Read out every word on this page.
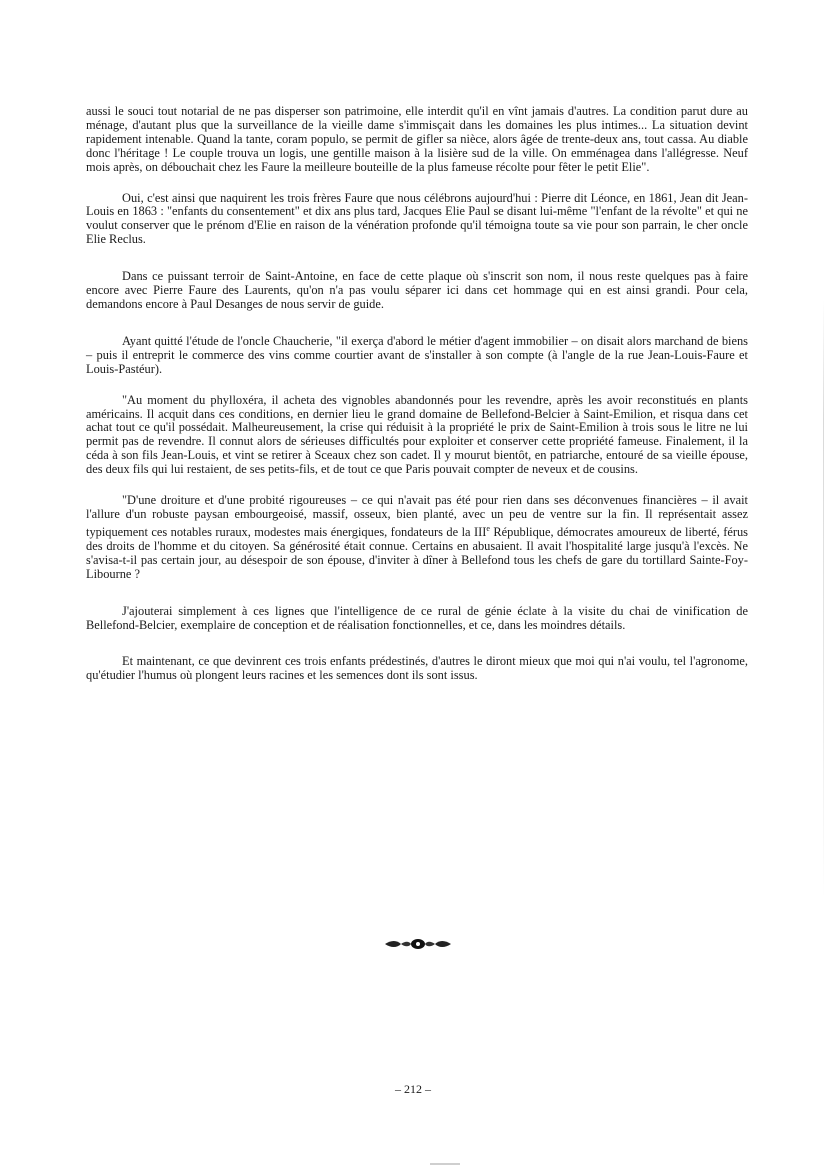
aussi le souci tout notarial de ne pas disperser son patrimoine, elle interdit qu'il en vînt jamais d'autres. La condition parut dure au ménage, d'autant plus que la surveillance de la vieille dame s'immisçait dans les domaines les plus intimes... La situation devint rapidement intenable. Quand la tante, coram populo, se permit de gifler sa nièce, alors âgée de trente-deux ans, tout cassa. Au diable donc l'héritage ! Le couple trouva un logis, une gentille maison à la lisière sud de la ville. On emménagea dans l'allégresse. Neuf mois après, on débouchait chez les Faure la meilleure bouteille de la plus fameuse récolte pour fêter le petit Elie".

Oui, c'est ainsi que naquirent les trois frères Faure que nous célébrons aujourd'hui : Pierre dit Léonce, en 1861, Jean dit Jean-Louis en 1863 : "enfants du consentement" et dix ans plus tard, Jacques Elie Paul se disant lui-même "l'enfant de la révolte" et qui ne voulut conserver que le prénom d'Elie en raison de la vénération profonde qu'il témoigna toute sa vie pour son parrain, le cher oncle Elie Reclus.

Dans ce puissant terroir de Saint-Antoine, en face de cette plaque où s'inscrit son nom, il nous reste quelques pas à faire encore avec Pierre Faure des Laurents, qu'on n'a pas voulu séparer ici dans cet hommage qui en est ainsi grandi. Pour cela, demandons encore à Paul Desanges de nous servir de guide.

Ayant quitté l'étude de l'oncle Chaucherie, "il exerça d'abord le métier d'agent immobilier – on disait alors marchand de biens – puis il entreprit le commerce des vins comme courtier avant de s'installer à son compte (à l'angle de la rue Jean-Louis-Faure et Louis-Pastéur).

"Au moment du phylloxéra, il acheta des vignobles abandonnés pour les revendre, après les avoir reconstitués en plants américains. Il acquit dans ces conditions, en dernier lieu le grand domaine de Bellefond-Belcier à Saint-Emilion, et risqua dans cet achat tout ce qu'il possédait. Malheureusement, la crise qui réduisit à la propriété le prix de Saint-Emilion à trois sous le litre ne lui permit pas de revendre. Il connut alors de sérieuses difficultés pour exploiter et conserver cette propriété fameuse. Finalement, il la céda à son fils Jean-Louis, et vint se retirer à Sceaux chez son cadet. Il y mourut bientôt, en patriarche, entouré de sa vieille épouse, des deux fils qui lui restaient, de ses petits-fils, et de tout ce que Paris pouvait compter de neveux et de cousins.

"D'une droiture et d'une probité rigoureuses – ce qui n'avait pas été pour rien dans ses déconvenues financières – il avait l'allure d'un robuste paysan embourgeoisé, massif, osseux, bien planté, avec un peu de ventre sur la fin. Il représentait assez typiquement ces notables ruraux, modestes mais énergiques, fondateurs de la IIIe République, démocrates amoureux de liberté, férus des droits de l'homme et du citoyen. Sa générosité était connue. Certains en abusaient. Il avait l'hospitalité large jusqu'à l'excès. Ne s'avisa-t-il pas certain jour, au désespoir de son épouse, d'inviter à dîner à Bellefond tous les chefs de gare du tortillard Sainte-Foy-Libourne ?

J'ajouterai simplement à ces lignes que l'intelligence de ce rural de génie éclate à la visite du chai de vinification de Bellefond-Belcier, exemplaire de conception et de réalisation fonctionnelles, et ce, dans les moindres détails.

Et maintenant, ce que devinrent ces trois enfants prédestinés, d'autres le diront mieux que moi qui n'ai voulu, tel l'agronome, qu'étudier l'humus où plongent leurs racines et les semences dont ils sont issus.

– 212 –
